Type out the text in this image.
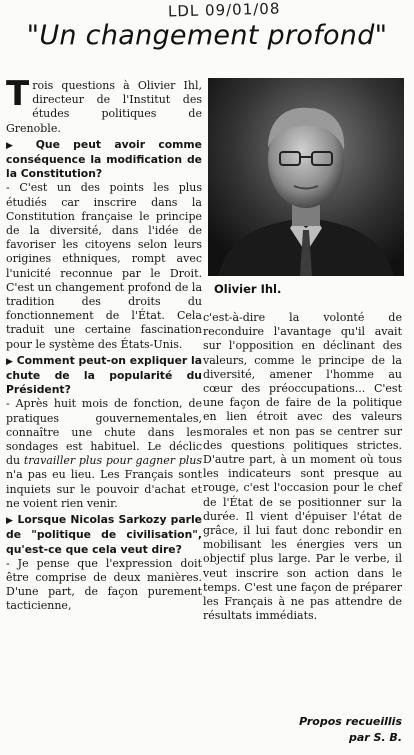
LDL 09/01/08
"Un changement profond"
Olivier Ihl.

Trois questions à Olivier Ihl, directeur de l'Institut des études politiques de Grenoble.

▶ Que peut avoir comme conséquence la modification de la Constitution?

- C'est un des points les plus étudiés car inscrire dans la Constitution française le principe de la diversité, dans l'idée de favoriser les citoyens selon leurs origines ethniques, rompt avec l'unicité reconnue par le Droit. C'est un changement profond de la tradition des droits du fonctionnement de l'État. Cela traduit une certaine fascination pour le système des États-Unis.

▶ Comment peut-on expliquer la chute de la popularité du Président?

- Après huit mois de fonction, de pratiques gouvernementales, connaître une chute dans les sondages est habituel. Le déclic du travailler plus pour gagner plus n'a pas eu lieu. Les Français sont inquiets sur le pouvoir d'achat et ne voient rien venir.

▶ Lorsque Nicolas Sarkozy parle de "politique de civilisation", qu'est-ce que cela veut dire?

- Je pense que l'expression doit être comprise de deux manières. D'une part, de façon purement tacticienne,

c'est-à-dire la volonté de reconduire l'avantage qu'il avait sur l'opposition en déclinant des valeurs, comme le principe de la diversité, amener l'homme au cœur des préoccupations... C'est une façon de faire de la politique en lien étroit avec des valeurs morales et non pas se centrer sur des questions politiques strictes. D'autre part, à un moment où tous les indicateurs sont presque au rouge, c'est l'occasion pour le chef de l'État de se positionner sur la durée. Il vient d'épuiser l'état de grâce, il lui faut donc rebondir en mobilisant les énergies vers un objectif plus large. Par le verbe, il veut inscrire son action dans le temps. C'est une façon de préparer les Français à ne pas attendre de résultats immédiats.

Propos recueillis
par S. B.
